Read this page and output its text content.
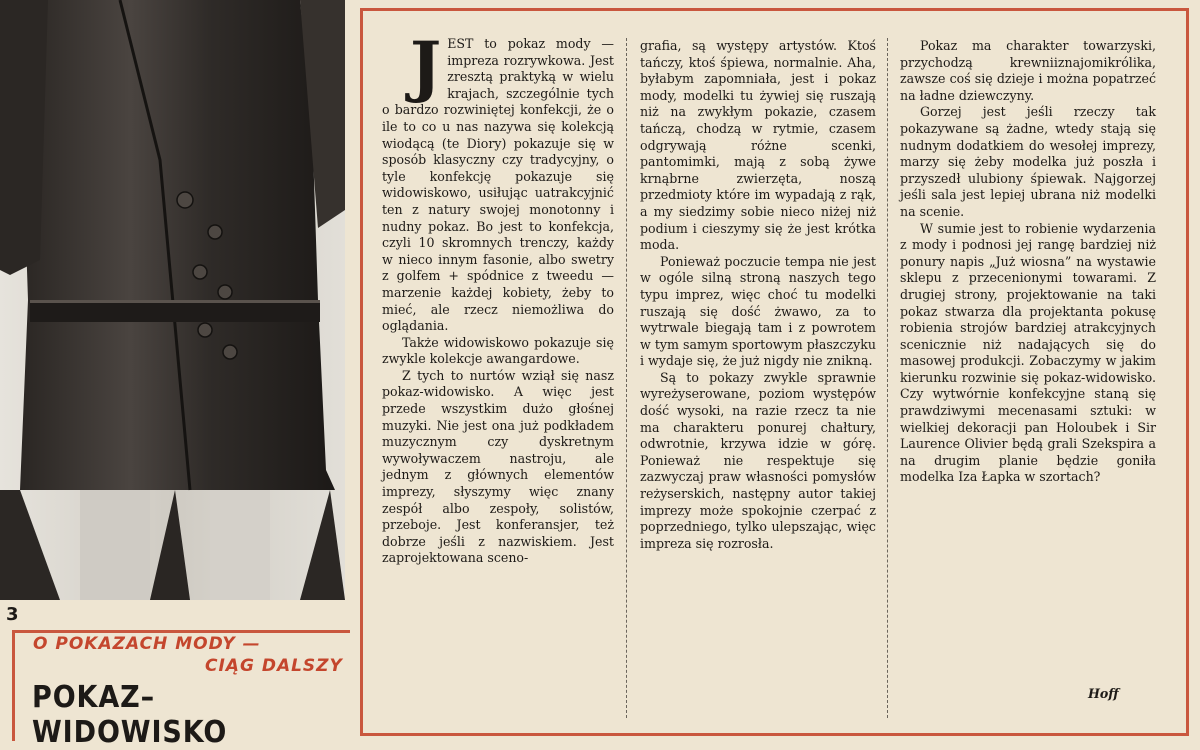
3
O POKAZACH MODY —
CIĄG DALSZY
POKAZ–WIDOWISKO

JEST to pokaz mody — impreza rozrywkowa. Jest zresztą praktyką w wielu krajach, szczególnie tych o bardzo rozwiniętej konfekcji, że o ile to co u nas nazywa się kolekcją wiodącą (te Diory) pokazuje się w sposób klasyczny czy tradycyjny, o tyle konfekcję pokazuje się widowiskowo, usiłując uatrakcyjnić ten z natury swojej monotonny i nudny pokaz. Bo jest to konfekcja, czyli 10 skromnych trenczy, każdy w nieco innym fasonie, albo swetry z golfem + spódnice z tweedu — marzenie każdej kobiety, żeby to mieć, ale rzecz niemożliwa do oglądania.

Także widowiskowo pokazuje się zwykle kolekcje awangardowe.

Z tych to nurtów wziął się nasz pokaz-widowisko. A więc jest przede wszystkim dużo głośnej muzyki. Nie jest ona już podkładem muzycznym czy dyskretnym wywoływaczem nastroju, ale jednym z głównych elementów imprezy, słyszymy więc znany zespół albo zespoły, solistów, przeboje. Jest konferansjer, też dobrze jeśli z nazwiskiem. Jest zaprojektowana sceno-

grafia, są występy artystów. Ktoś tańczy, ktoś śpiewa, normalnie. Aha, byłabym zapomniała, jest i pokaz mody, modelki tu żywiej się ruszają niż na zwykłym pokazie, czasem tańczą, chodzą w rytmie, czasem odgrywają różne scenki, pantomimki, mają z sobą żywe krnąbrne zwierzęta, noszą przedmioty które im wypadają z rąk, a my siedzimy sobie nieco niżej niż podium i cieszymy się że jest krótka moda.

Ponieważ poczucie tempa nie jest w ogóle silną stroną naszych tego typu imprez, więc choć tu modelki ruszają się dość żwawo, za to wytrwale biegają tam i z powrotem w tym samym sportowym płaszczyku i wydaje się, że już nigdy nie znikną.

Są to pokazy zwykle sprawnie wyreżyserowane, poziom występów dość wysoki, na razie rzecz ta nie ma charakteru ponurej chałtury, odwrotnie, krzywa idzie w górę. Ponieważ nie respektuje się zazwyczaj praw własności pomysłów reżyserskich, następny autor takiej imprezy może spokojnie czerpać z poprzedniego, tylko ulepszając, więc impreza się rozrosła.

Pokaz ma charakter towarzyski, przychodzą krewniiznajomikrólika, zawsze coś się dzieje i można popatrzeć na ładne dziewczyny.

Gorzej jest jeśli rzeczy tak pokazywane są żadne, wtedy stają się nudnym dodatkiem do wesołej imprezy, marzy się żeby modelka już poszła i przyszedł ulubiony śpiewak. Najgorzej jeśli sala jest lepiej ubrana niż modelki na scenie.

W sumie jest to robienie wydarzenia z mody i podnosi jej rangę bardziej niż ponury napis „Już wiosna” na wystawie sklepu z przecenionymi towarami. Z drugiej strony, projektowanie na taki pokaz stwarza dla projektanta pokusę robienia strojów bardziej atrakcyjnych scenicznie niż nadających się do masowej produkcji. Zobaczymy w jakim kierunku rozwinie się pokaz-widowisko. Czy wytwórnie konfekcyjne staną się prawdziwymi mecenasami sztuki: w wielkiej dekoracji pan Holoubek i Sir Laurence Olivier będą grali Szekspira a na drugim planie będzie goniła modelka Iza Łapka w szortach?

Hoff
